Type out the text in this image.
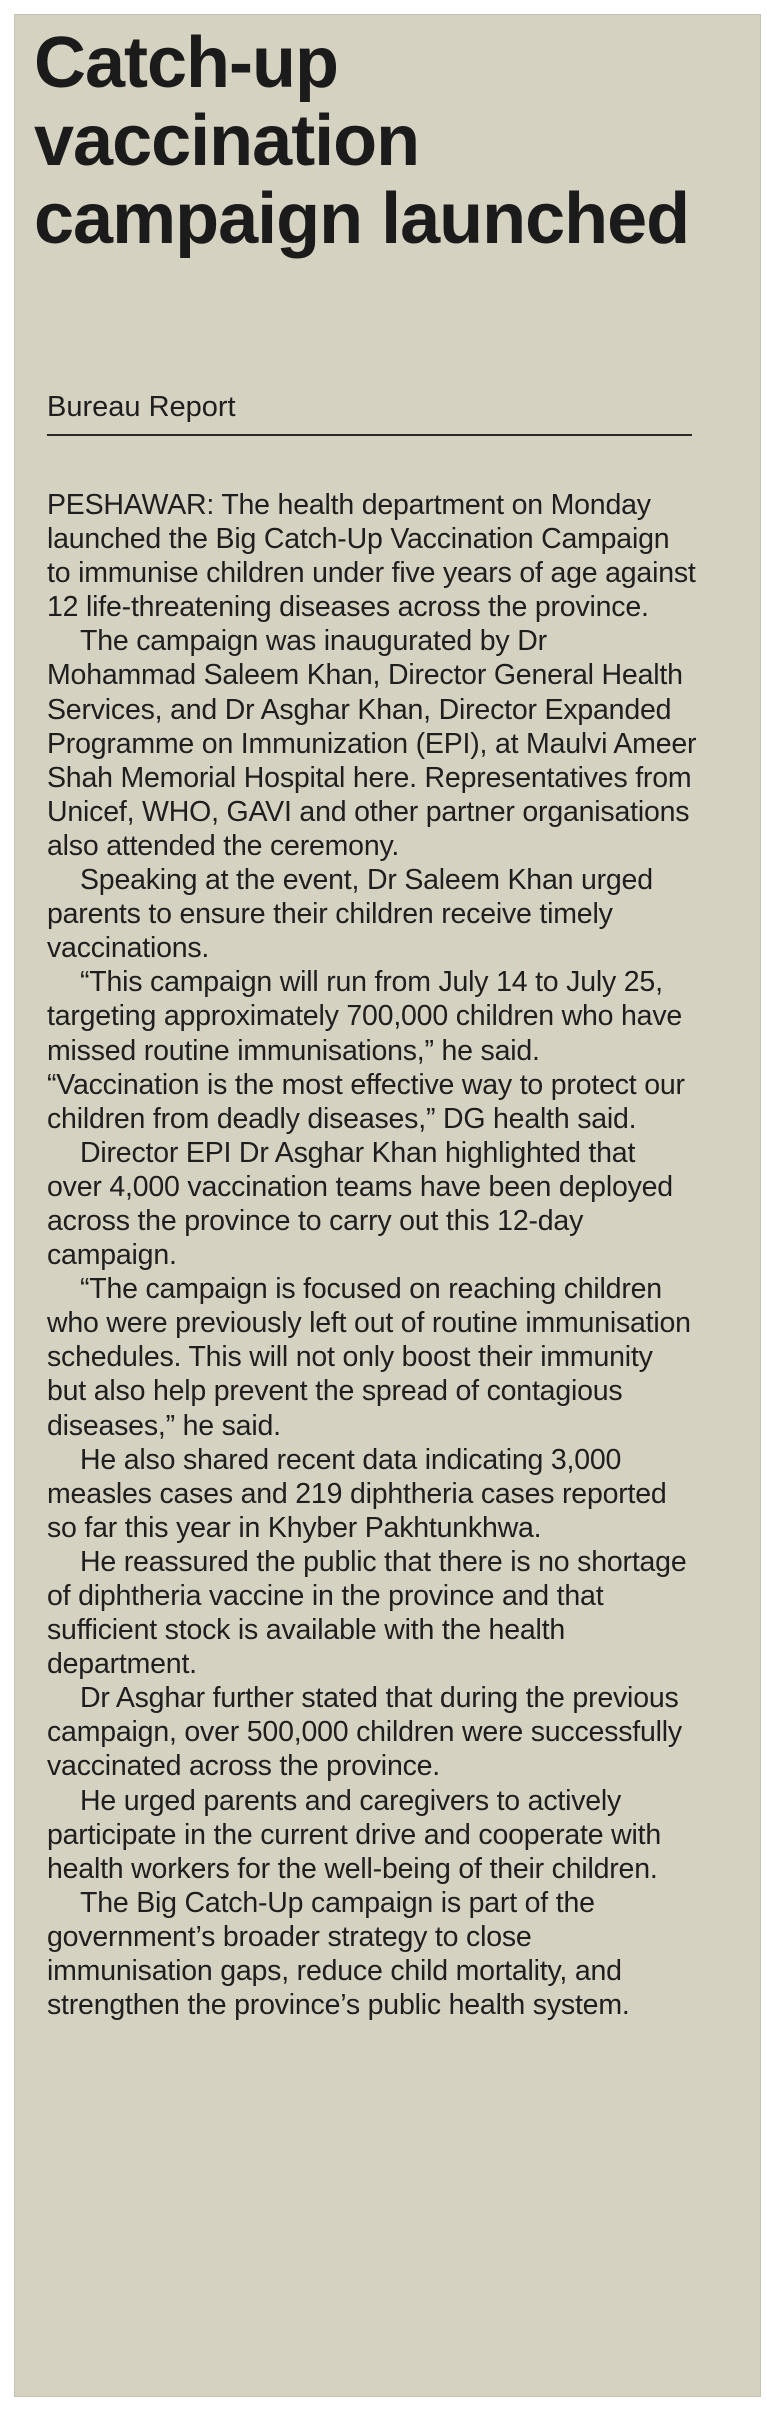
Catch-up vaccination campaign launched
Bureau Report

PESHAWAR: The health department on Monday launched the Big Catch-Up Vaccination Campaign to immunise children under five years of age against 12 life-threatening diseases across the province.

The campaign was inaugurated by Dr Mohammad Saleem Khan, Director General Health Services, and Dr Asghar Khan, Director Expanded Programme on Immunization (EPI), at Maulvi Ameer Shah Memorial Hospital here. Representatives from Unicef, WHO, GAVI and other partner organisations also attended the ceremony.

Speaking at the event, Dr Saleem Khan urged parents to ensure their children receive timely vaccinations.

“This campaign will run from July 14 to July 25, targeting approximately 700,000 children who have missed routine immunisations,” he said. “Vaccination is the most effective way to protect our children from deadly diseases,” DG health said.

Director EPI Dr Asghar Khan highlighted that over 4,000 vaccination teams have been deployed across the province to carry out this 12-day campaign.

“The campaign is focused on reaching children who were previously left out of routine immunisation schedules. This will not only boost their immunity but also help prevent the spread of contagious diseases,” he said.

He also shared recent data indicating 3,000 measles cases and 219 diphtheria cases reported so far this year in Khyber Pakhtunkhwa.

He reassured the public that there is no shortage of diphtheria vaccine in the province and that sufficient stock is available with the health department.

Dr Asghar further stated that during the previous campaign, over 500,000 children were successfully vaccinated across the province.

He urged parents and caregivers to actively participate in the current drive and cooperate with health workers for the well-being of their children.

The Big Catch-Up campaign is part of the government’s broader strategy to close immunisation gaps, reduce child mortality, and strengthen the province’s public health system.
